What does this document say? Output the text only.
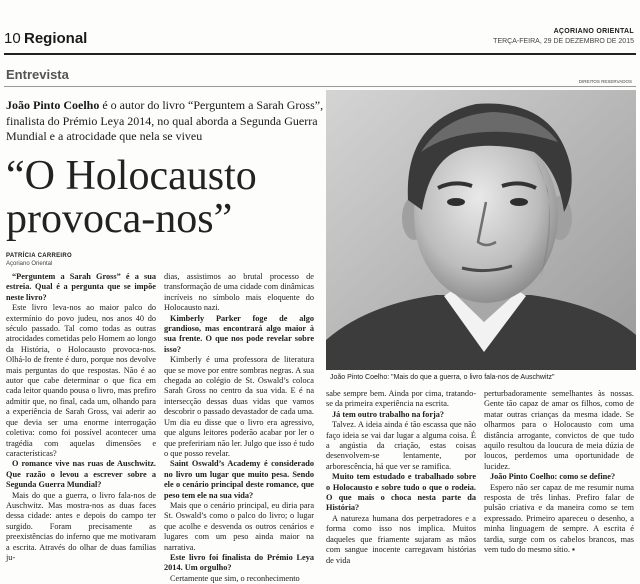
10 Regional	AÇORIANO ORIENTAL
TERÇA-FEIRA, 29 DE DEZEMBRO DE 2015
Entrevista	DIREITOS RESERVADOS
João Pinto Coelho é o autor do livro “Perguntem a Sarah Gross”, finalista do Prémio Leya 2014, no qual aborda a Segunda Guerra Mundial e a atrocidade que nela se viveu
“O Holocausto
provoca-nos”
PATRÍCIA CARREIRO
Açoriano Oriental
João Pinto Coelho: "Mais do que a guerra, o livro fala-nos de Auschwitz"

“Perguntem a Sarah Gross” é a sua estreia. Qual é a pergunta que se impõe neste livro?

Este livro leva-nos ao maior palco do extermínio do povo judeu, nos anos 40 do século passado. Tal como todas as outras atrocidades cometidas pelo Homem ao longo da História, o Holocausto provoca-nos. Olhá-lo de frente é duro, porque nos devolve mais perguntas do que respostas. Não é ao autor que cabe determinar o que fica em cada leitor quando pousa o livro, mas prefiro admitir que, no final, cada um, olhando para a experiência de Sarah Gross, vai aderir ao que devia ser uma enorme interrogação coletiva: como foi possível acontecer uma tragédia com aquelas dimensões e características?

O romance vive nas ruas de Auschwitz. Que razão o levou a escrever sobre a Segunda Guerra Mundial?

Mais do que a guerra, o livro fala-nos de Auschwitz. Mas mostra-nos as duas faces dessa cidade: antes e depois do campo ter surgido. Foram precisamente as preexistências do inferno que me motivaram a escrita. Através do olhar de duas famílias ju-

dias, assistimos ao brutal processo de transformação de uma cidade com dinâmicas incríveis no símbolo mais eloquente do Holocausto nazi.

Kimberly Parker foge de algo grandioso, mas encontrará algo maior à sua frente. O que nos pode revelar sobre isso?

Kimberly é uma professora de literatura que se move por entre sombras negras. A sua chegada ao colégio de St. Oswald’s coloca Sarah Gross no centro da sua vida. E é na intersecção dessas duas vidas que vamos descobrir o passado devastador de cada uma. Um dia eu disse que o livro era agressivo, que alguns leitores poderão acabar por ler o que prefeririam não ler. Julgo que isso é tudo o que posso revelar.

Saint Oswald’s Academy é considerado no livro um lugar que muito pesa. Sendo ele o cenário principal deste romance, que peso tem ele na sua vida?

Mais que o cenário principal, eu diria para St. Oswald’s como o palco do livro; o lugar que acolhe e desvenda os outros cenários e lugares com um peso ainda maior na narrativa.

Este livro foi finalista do Prémio Leya 2014. Um orgulho?

Certamente que sim, o reconhecimento

sabe sempre bem. Ainda por cima, tratando-se da primeira experiência na escrita.

Já tem outro trabalho na forja?

Talvez. A ideia ainda é tão escassa que não faço ideia se vai dar lugar a alguma coisa. É a angústia da criação, estas coisas desenvolvem-se lentamente, por arborescência, há que ver se ramifica.

Muito tem estudado e trabalhado sobre o Holocausto e sobre tudo o que o rodeia. O que mais o choca nesta parte da História?

A natureza humana dos perpetradores e a forma como isso nos implica. Muitos daqueles que friamente sujaram as mãos com sangue inocente carregavam histórias de vida

perturbadoramente semelhantes às nossas. Gente tão capaz de amar os filhos, como de matar outras crianças da mesma idade. Se olharmos para o Holocausto com uma distância arrogante, convictos de que tudo aquilo resultou da loucura de meia dúzia de loucos, perdemos uma oportunidade de lucidez.

João Pinto Coelho: como se define?

Espero não ser capaz de me resumir numa resposta de três linhas. Prefiro falar de pulsão criativa e da maneira como se tem expressado. Primeiro apareceu o desenho, a minha linguagem de sempre. A escrita é tardia, surge com os cabelos brancos, mas vem tudo do mesmo sítio. ▪
